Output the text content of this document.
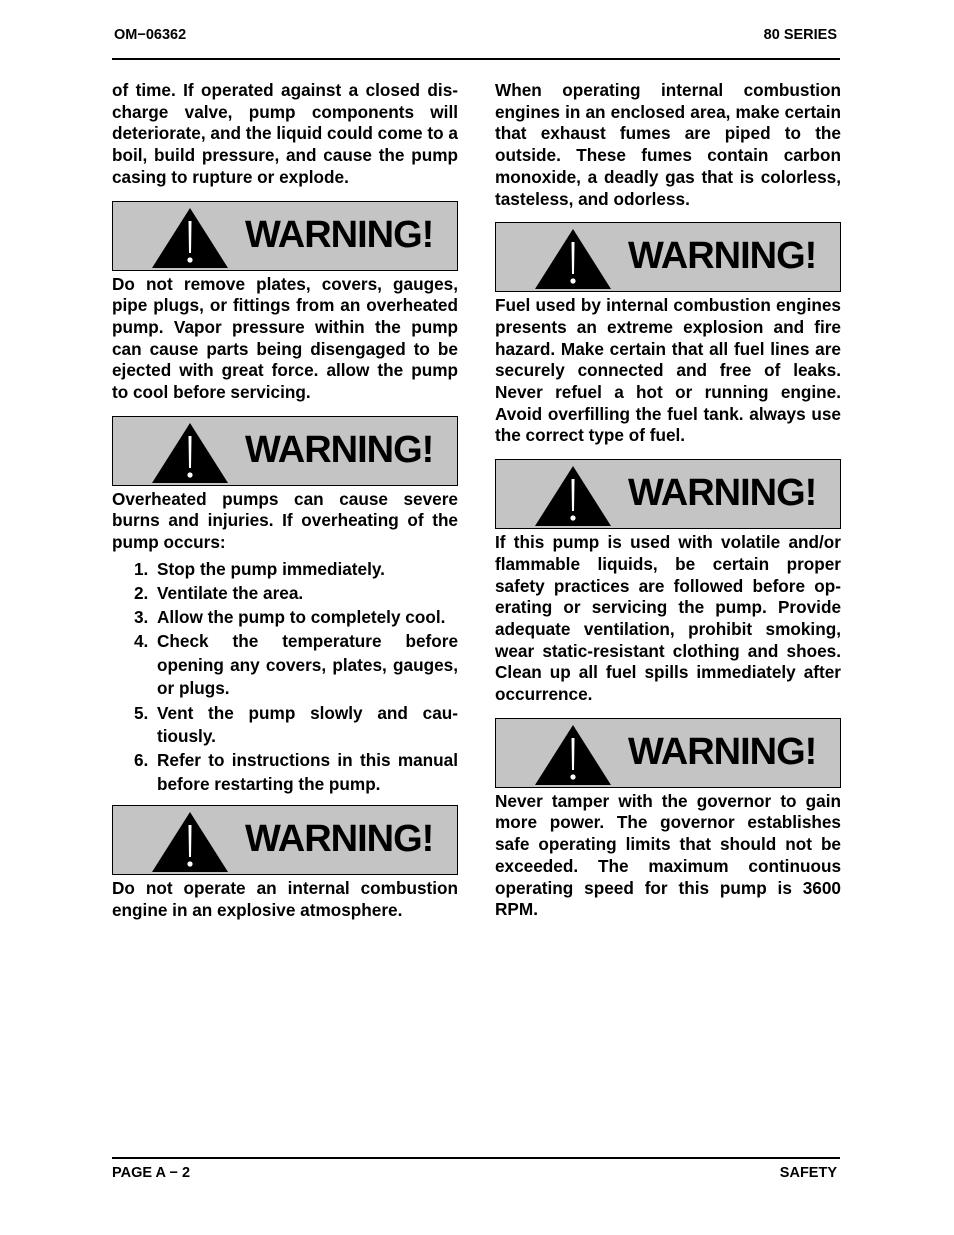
OM−06362	80 SERIES

of time. If operated against a closed discharge valve, pump components will deteriorate, and the liquid could come to a boil, build pressure, and cause the pump casing to rupture or explode.

WARNING!

Do not remove plates, covers, gauges, pipe plugs, or fittings from an overheated pump. Vapor pressure within the pump can cause parts being disengaged to be ejected with great force. allow the pump to cool before servicing.

WARNING!

Overheated pumps can cause severe burns and injuries. If overheating of the pump occurs:

1. Stop the pump immediately.
2. Ventilate the area.
3. Allow the pump to completely cool.
4. Check the temperature before opening any covers, plates, gauges, or plugs.
5. Vent the pump slowly and cautiously.
6. Refer to instructions in this manual before restarting the pump.
WARNING!

Do not operate an internal combustion engine in an explosive atmosphere.

When operating internal combustion engines in an enclosed area, make certain that exhaust fumes are piped to the outside. These fumes contain carbon monoxide, a deadly gas that is colorless, tasteless, and odorless.

WARNING!

Fuel used by internal combustion engines presents an extreme explosion and fire hazard. Make certain that all fuel lines are securely connected and free of leaks. Never refuel a hot or running engine. Avoid overfilling the fuel tank. always use the correct type of fuel.

WARNING!

If this pump is used with volatile and/or flammable liquids, be certain proper safety practices are followed before operating or servicing the pump. Provide adequate ventilation, prohibit smoking, wear static-resistant clothing and shoes. Clean up all fuel spills immediately after occurrence.

WARNING!

Never tamper with the governor to gain more power. The governor establishes safe operating limits that should not be exceeded. The maximum continuous operating speed for this pump is 3600 RPM.

PAGE A − 2	SAFETY
